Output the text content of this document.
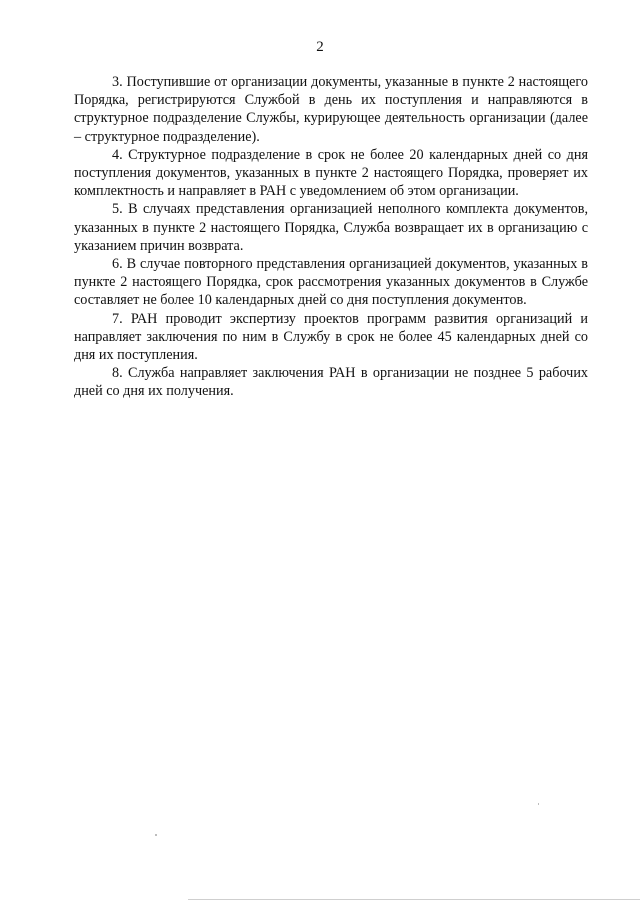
2

3. Поступившие от организации документы, указанные в пункте 2 настоящего Порядка, регистрируются Службой в день их поступления и направляются в структурное подразделение Службы, курирующее деятельность организации (далее – структурное подразделение).

4. Структурное подразделение в срок не более 20 календарных дней со дня поступления документов, указанных в пункте 2 настоящего Порядка, проверяет их комплектность и направляет в РАН с уведомлением об этом организации.

5. В случаях представления организацией неполного комплекта документов, указанных в пункте 2 настоящего Порядка, Служба возвращает их в организацию с указанием причин возврата.

6. В случае повторного представления организацией документов, указанных в пункте 2 настоящего Порядка, срок рассмотрения указанных документов в Службе составляет не более 10 календарных дней со дня поступления документов.

7. РАН проводит экспертизу проектов программ развития организаций и направляет заключения по ним в Службу в срок не более 45 календарных дней со дня их поступления.

8. Служба направляет заключения РАН в организации не позднее 5 рабочих дней со дня их получения.
